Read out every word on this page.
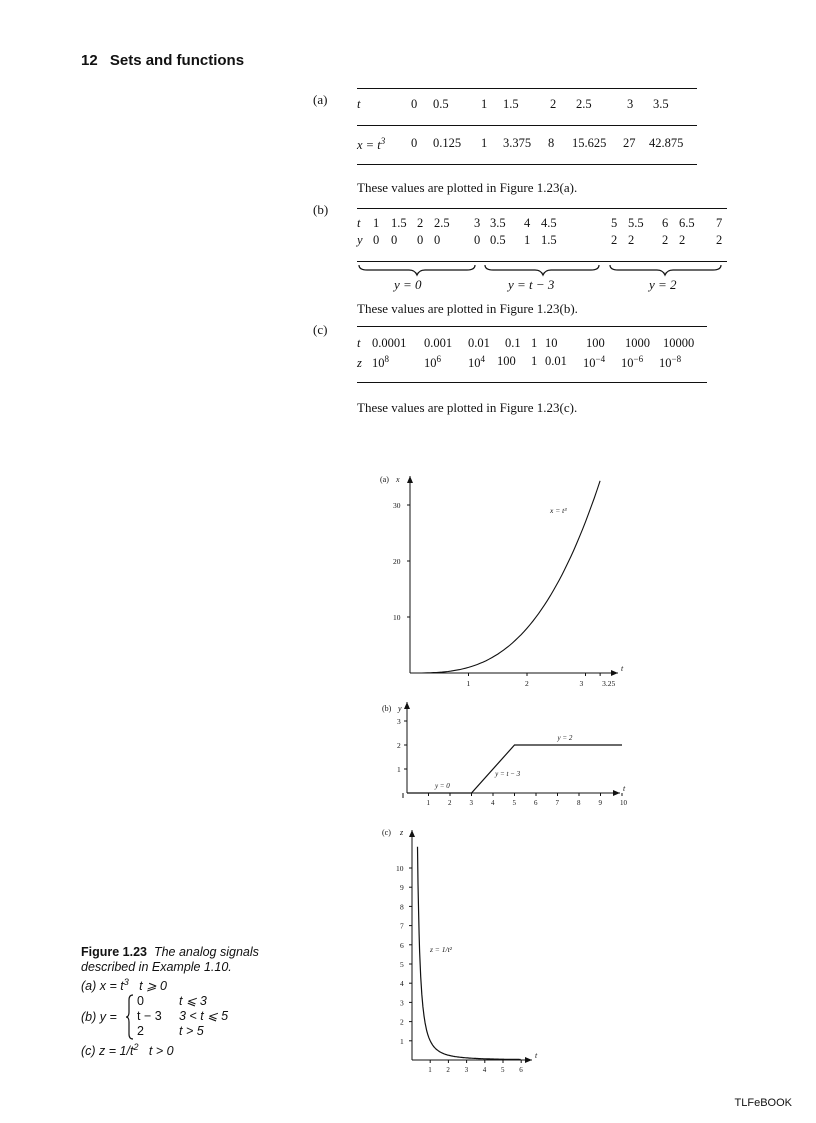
12 Sets and functions
(a) t	0 0.5	1 1.5	2 2.5	3 3.5
$x = t^3$ 0 0.125 1 3.375 8 15.625 27 42.875
These values are plotted in Figure 1.23(a).
(b)
t 1 1.5 2 2.5 3 3.5 4 4.5	5 5.5 6 6.5 7
y 0 0 0 0	0 0.5 1 1.5	2 2 2 2 2
y = 0	y = t − 3	y = 2
These values are plotted in Figure 1.23(b).
(c)
t 0.0001 0.001 0.01 0.1 1 10 100 1000 10000
z $10^8$	$10^6$ $10^4$ 100 1 0.01 $10^{-4}$ $10^{-6}$ $10^{-8}$
These values are plotted in Figure 1.23(c).
t
(a) x
1	2	3	3.25
10
20
30
x = t³
t
(b) y
1	2	3	4	5	6	7	8	9	10
1
2
3
y = 0
y = t − 3
y = 2
t
(c) z
1 2 3 4 5 6
1
2
3
4
5
6
7
8
9
10
z = 1/t²
Figure 1.23 The analog signals described in Example 1.10.
(a) $x = t^3$ t ⩾ 0
(b) y =
0	t ⩽ 3
t − 3 3 < t ⩽ 5
2	t > 5
(c) $z = 1/t^2$ t > 0
TLFeBOOK
